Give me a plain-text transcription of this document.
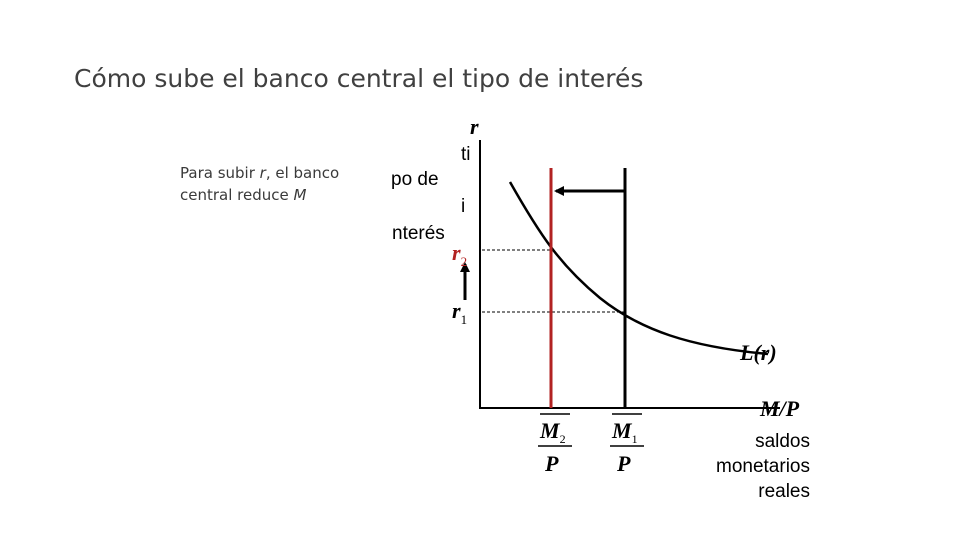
Cómo sube el banco central el tipo de interés
Para subir r, el banco central reduce M
ti
po de
i
nterés
r
$r_2$
$r_1$
L(r)
M/P
saldos
monetarios
reales
$M_2$
P
$M_1$
P
